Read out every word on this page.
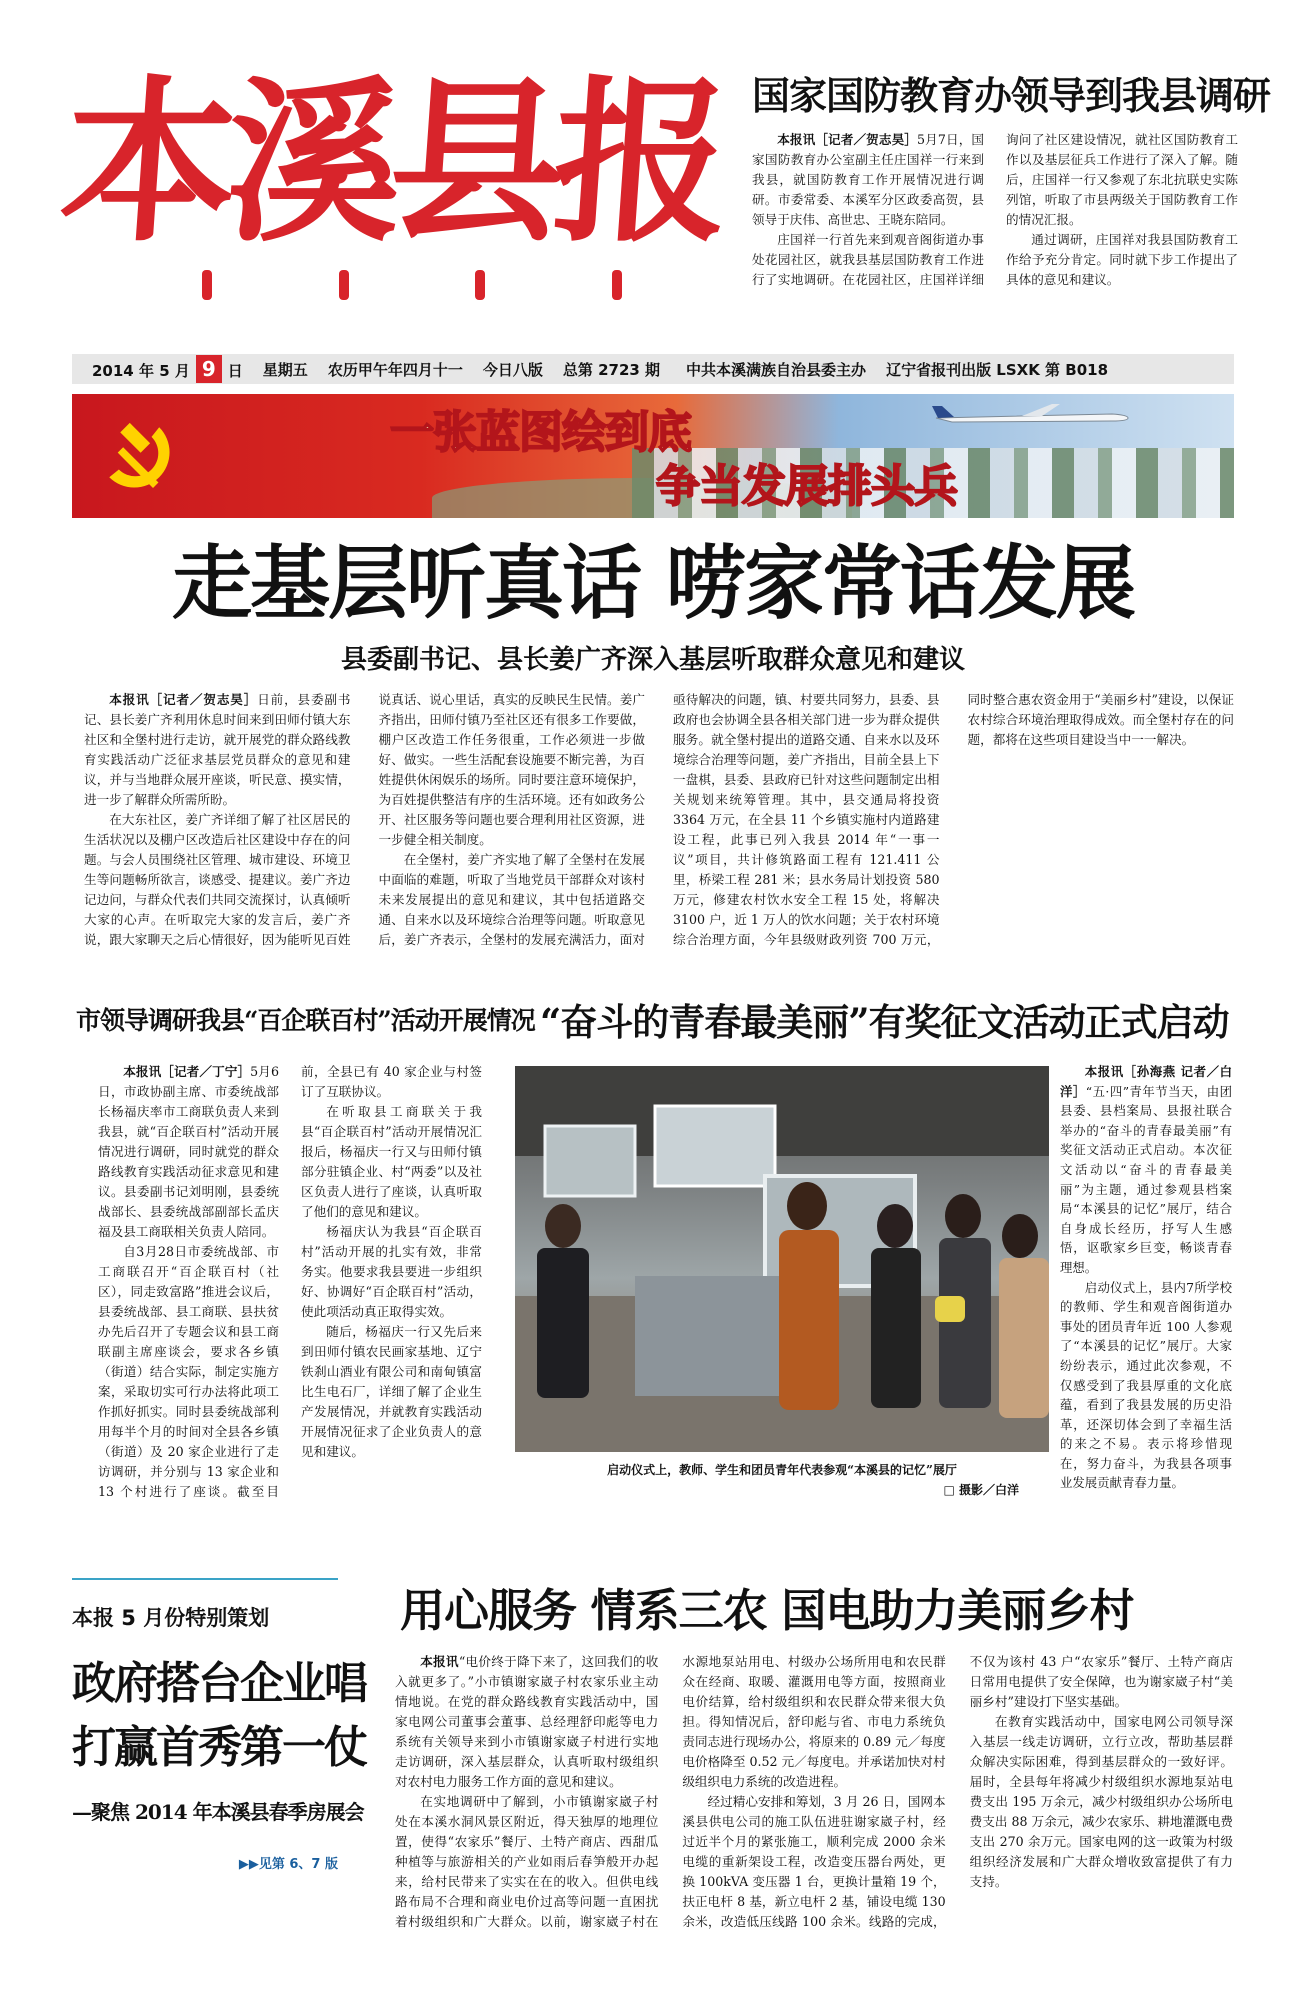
本溪县报 国家国防教育办领导到我县调研

本报讯［记者／贺志昊］5月7日，国家国防教育办公室副主任庄国祥一行来到我县，就国防教育工作开展情况进行调研。市委常委、本溪军分区政委高贺，县领导于庆伟、高世忠、王晓东陪同。

庄国祥一行首先来到观音阁街道办事处花园社区，就我县基层国防教育工作进行了实地调研。在花园社区，庄国祥详细询问了社区建设情况，就社区国防教育工作以及基层征兵工作进行了深入了解。随后，庄国祥一行又参观了东北抗联史实陈列馆，听取了市县两级关于国防教育工作的情况汇报。

通过调研，庄国祥对我县国防教育工作给予充分肯定。同时就下步工作提出了具体的意见和建议。

2014 年 5 月 9 日	星期五	农历甲午年四月十一	今日八版	总第 2723 期	中共本溪满族自治县委主办	辽宁省报刊出版 LSXK 第 B018
一张蓝图绘到底
争当发展排头兵
走基层听真话 唠家常话发展
县委副书记、县长姜广齐深入基层听取群众意见和建议

本报讯［记者／贺志昊］日前，县委副书记、县长姜广齐利用休息时间来到田师付镇大东社区和全堡村进行走访，就开展党的群众路线教育实践活动广泛征求基层党员群众的意见和建议，并与当地群众展开座谈，听民意、摸实情，进一步了解群众所需所盼。

在大东社区，姜广齐详细了解了社区居民的生活状况以及棚户区改造后社区建设中存在的问题。与会人员围绕社区管理、城市建设、环境卫生等问题畅所欲言，谈感受、提建议。姜广齐边记边问，与群众代表们共同交流探讨，认真倾听大家的心声。在听取完大家的发言后，姜广齐说，跟大家聊天之后心情很好，因为能听见百姓说真话、说心里话，真实的反映民生民情。姜广齐指出，田师付镇乃至社区还有很多工作要做，棚户区改造工作任务很重，工作必须进一步做好、做实。一些生活配套设施要不断完善，为百姓提供休闲娱乐的场所。同时要注意环境保护，为百姓提供整洁有序的生活环境。还有如政务公开、社区服务等问题也要合理利用社区资源，进一步健全相关制度。

在全堡村，姜广齐实地了解了全堡村在发展中面临的难题，听取了当地党员干部群众对该村未来发展提出的意见和建议，其中包括道路交通、自来水以及环境综合治理等问题。听取意见后，姜广齐表示，全堡村的发展充满活力，面对亟待解决的问题，镇、村要共同努力，县委、县政府也会协调全县各相关部门进一步为群众提供服务。就全堡村提出的道路交通、自来水以及环境综合治理等问题，姜广齐指出，目前全县上下一盘棋，县委、县政府已针对这些问题制定出相关规划来统筹管理。其中，县交通局将投资 3364 万元，在全县 11 个乡镇实施村内道路建设工程，此事已列入我县 2014 年“一事一议”项目，共计修筑路面工程有 121.411 公里，桥梁工程 281 米；县水务局计划投资 580 万元，修建农村饮水安全工程 15 处，将解决 3100 户，近 1 万人的饮水问题；关于农村环境综合治理方面，今年县级财政列资 700 万元，同时整合惠农资金用于“美丽乡村”建设，以保证农村综合环境治理取得成效。而全堡村存在的问题，都将在这些项目建设当中一一解决。

市领导调研我县“百企联百村”活动开展情况

本报讯［记者／丁宁］5月6日，市政协副主席、市委统战部长杨福庆率市工商联负责人来到我县，就“百企联百村”活动开展情况进行调研，同时就党的群众路线教育实践活动征求意见和建议。县委副书记刘明刚，县委统战部长、县委统战部副部长孟庆福及县工商联相关负责人陪同。

自3月28日市委统战部、市工商联召开“百企联百村（社区），同走致富路”推进会议后，县委统战部、县工商联、县扶贫办先后召开了专题会议和县工商联副主席座谈会，要求各乡镇（街道）结合实际，制定实施方案，采取切实可行办法将此项工作抓好抓实。同时县委统战部利用每半个月的时间对全县各乡镇（街道）及 20 家企业进行了走访调研，并分别与 13 家企业和 13 个村进行了座谈。截至目前，全县已有 40 家企业与村签订了互联协议。

在听取县工商联关于我县“百企联百村”活动开展情况汇报后，杨福庆一行又与田师付镇部分驻镇企业、村“两委”以及社区负责人进行了座谈，认真听取了他们的意见和建议。

杨福庆认为我县“百企联百村”活动开展的扎实有效，非常务实。他要求我县要进一步组织好、协调好“百企联百村”活动，使此项活动真正取得实效。

随后，杨福庆一行又先后来到田师付镇农民画家基地、辽宁铁刹山酒业有限公司和南甸镇富比生电石厂，详细了解了企业生产发展情况，并就教育实践活动开展情况征求了企业负责人的意见和建议。

“奋斗的青春最美丽”有奖征文活动正式启动
启动仪式上，教师、学生和团员青年代表参观“本溪县的记忆”展厅
□ 摄影／白洋

本报讯［孙海燕 记者／白洋］“五·四”青年节当天，由团县委、县档案局、县报社联合举办的“奋斗的青春最美丽”有奖征文活动正式启动。本次征文活动以“奋斗的青春最美丽”为主题，通过参观县档案局“本溪县的记忆”展厅，结合自身成长经历，抒写人生感悟，讴歌家乡巨变，畅谈青春理想。

启动仪式上，县内7所学校的教师、学生和观音阁街道办事处的团员青年近 100 人参观了“本溪县的记忆”展厅。大家纷纷表示，通过此次参观，不仅感受到了我县厚重的文化底蕴，看到了我县发展的历史沿革，还深切体会到了幸福生活的来之不易。表示将珍惜现在，努力奋斗，为我县各项事业发展贡献青春力量。

本报 5 月份特别策划
政府搭台企业唱
打赢首秀第一仗
—聚焦 2014 年本溪县春季房展会
▶▶见第 6、7 版
用心服务 情系三农 国电助力美丽乡村

本报讯“电价终于降下来了，这回我们的收入就更多了。”小市镇谢家崴子村农家乐业主动情地说。在党的群众路线教育实践活动中，国家电网公司董事会董事、总经理舒印彪等电力系统有关领导来到小市镇谢家崴子村进行实地走访调研，深入基层群众，认真听取村级组织对农村电力服务工作方面的意见和建议。

在实地调研中了解到，小市镇谢家崴子村处在本溪水洞风景区附近，得天独厚的地理位置，使得“农家乐”餐厅、土特产商店、西甜瓜种植等与旅游相关的产业如雨后春笋般开办起来，给村民带来了实实在在的收入。但供电线路布局不合理和商业电价过高等问题一直困扰着村级组织和广大群众。以前，谢家崴子村在水源地泵站用电、村级办公场所用电和农民群众在经商、取暖、灌溉用电等方面，按照商业电价结算，给村级组织和农民群众带来很大负担。得知情况后，舒印彪与省、市电力系统负责同志进行现场办公，将原来的 0.89 元／每度电价格降至 0.52 元／每度电。并承诺加快对村级组织电力系统的改造进程。

经过精心安排和筹划，3 月 26 日，国网本溪县供电公司的施工队伍进驻谢家崴子村，经过近半个月的紧张施工，顺利完成 2000 余米电缆的重新架设工程，改造变压器台两处，更换 100kVA 变压器 1 台，更换计量箱 19 个，扶正电杆 8 基，新立电杆 2 基，铺设电缆 130 余米，改造低压线路 100 余米。线路的完成，不仅为该村 43 户“农家乐”餐厅、土特产商店日常用电提供了安全保障，也为谢家崴子村“美丽乡村”建设打下坚实基础。

在教育实践活动中，国家电网公司领导深入基层一线走访调研，立行立改，帮助基层群众解决实际困难，得到基层群众的一致好评。届时，全县每年将减少村级组织水源地泵站电费支出 195 万余元，减少村级组织办公场所电费支出 88 万余元，减少农家乐、耕地灌溉电费支出 270 余万元。国家电网的这一政策为村级组织经济发展和广大群众增收致富提供了有力支持。
